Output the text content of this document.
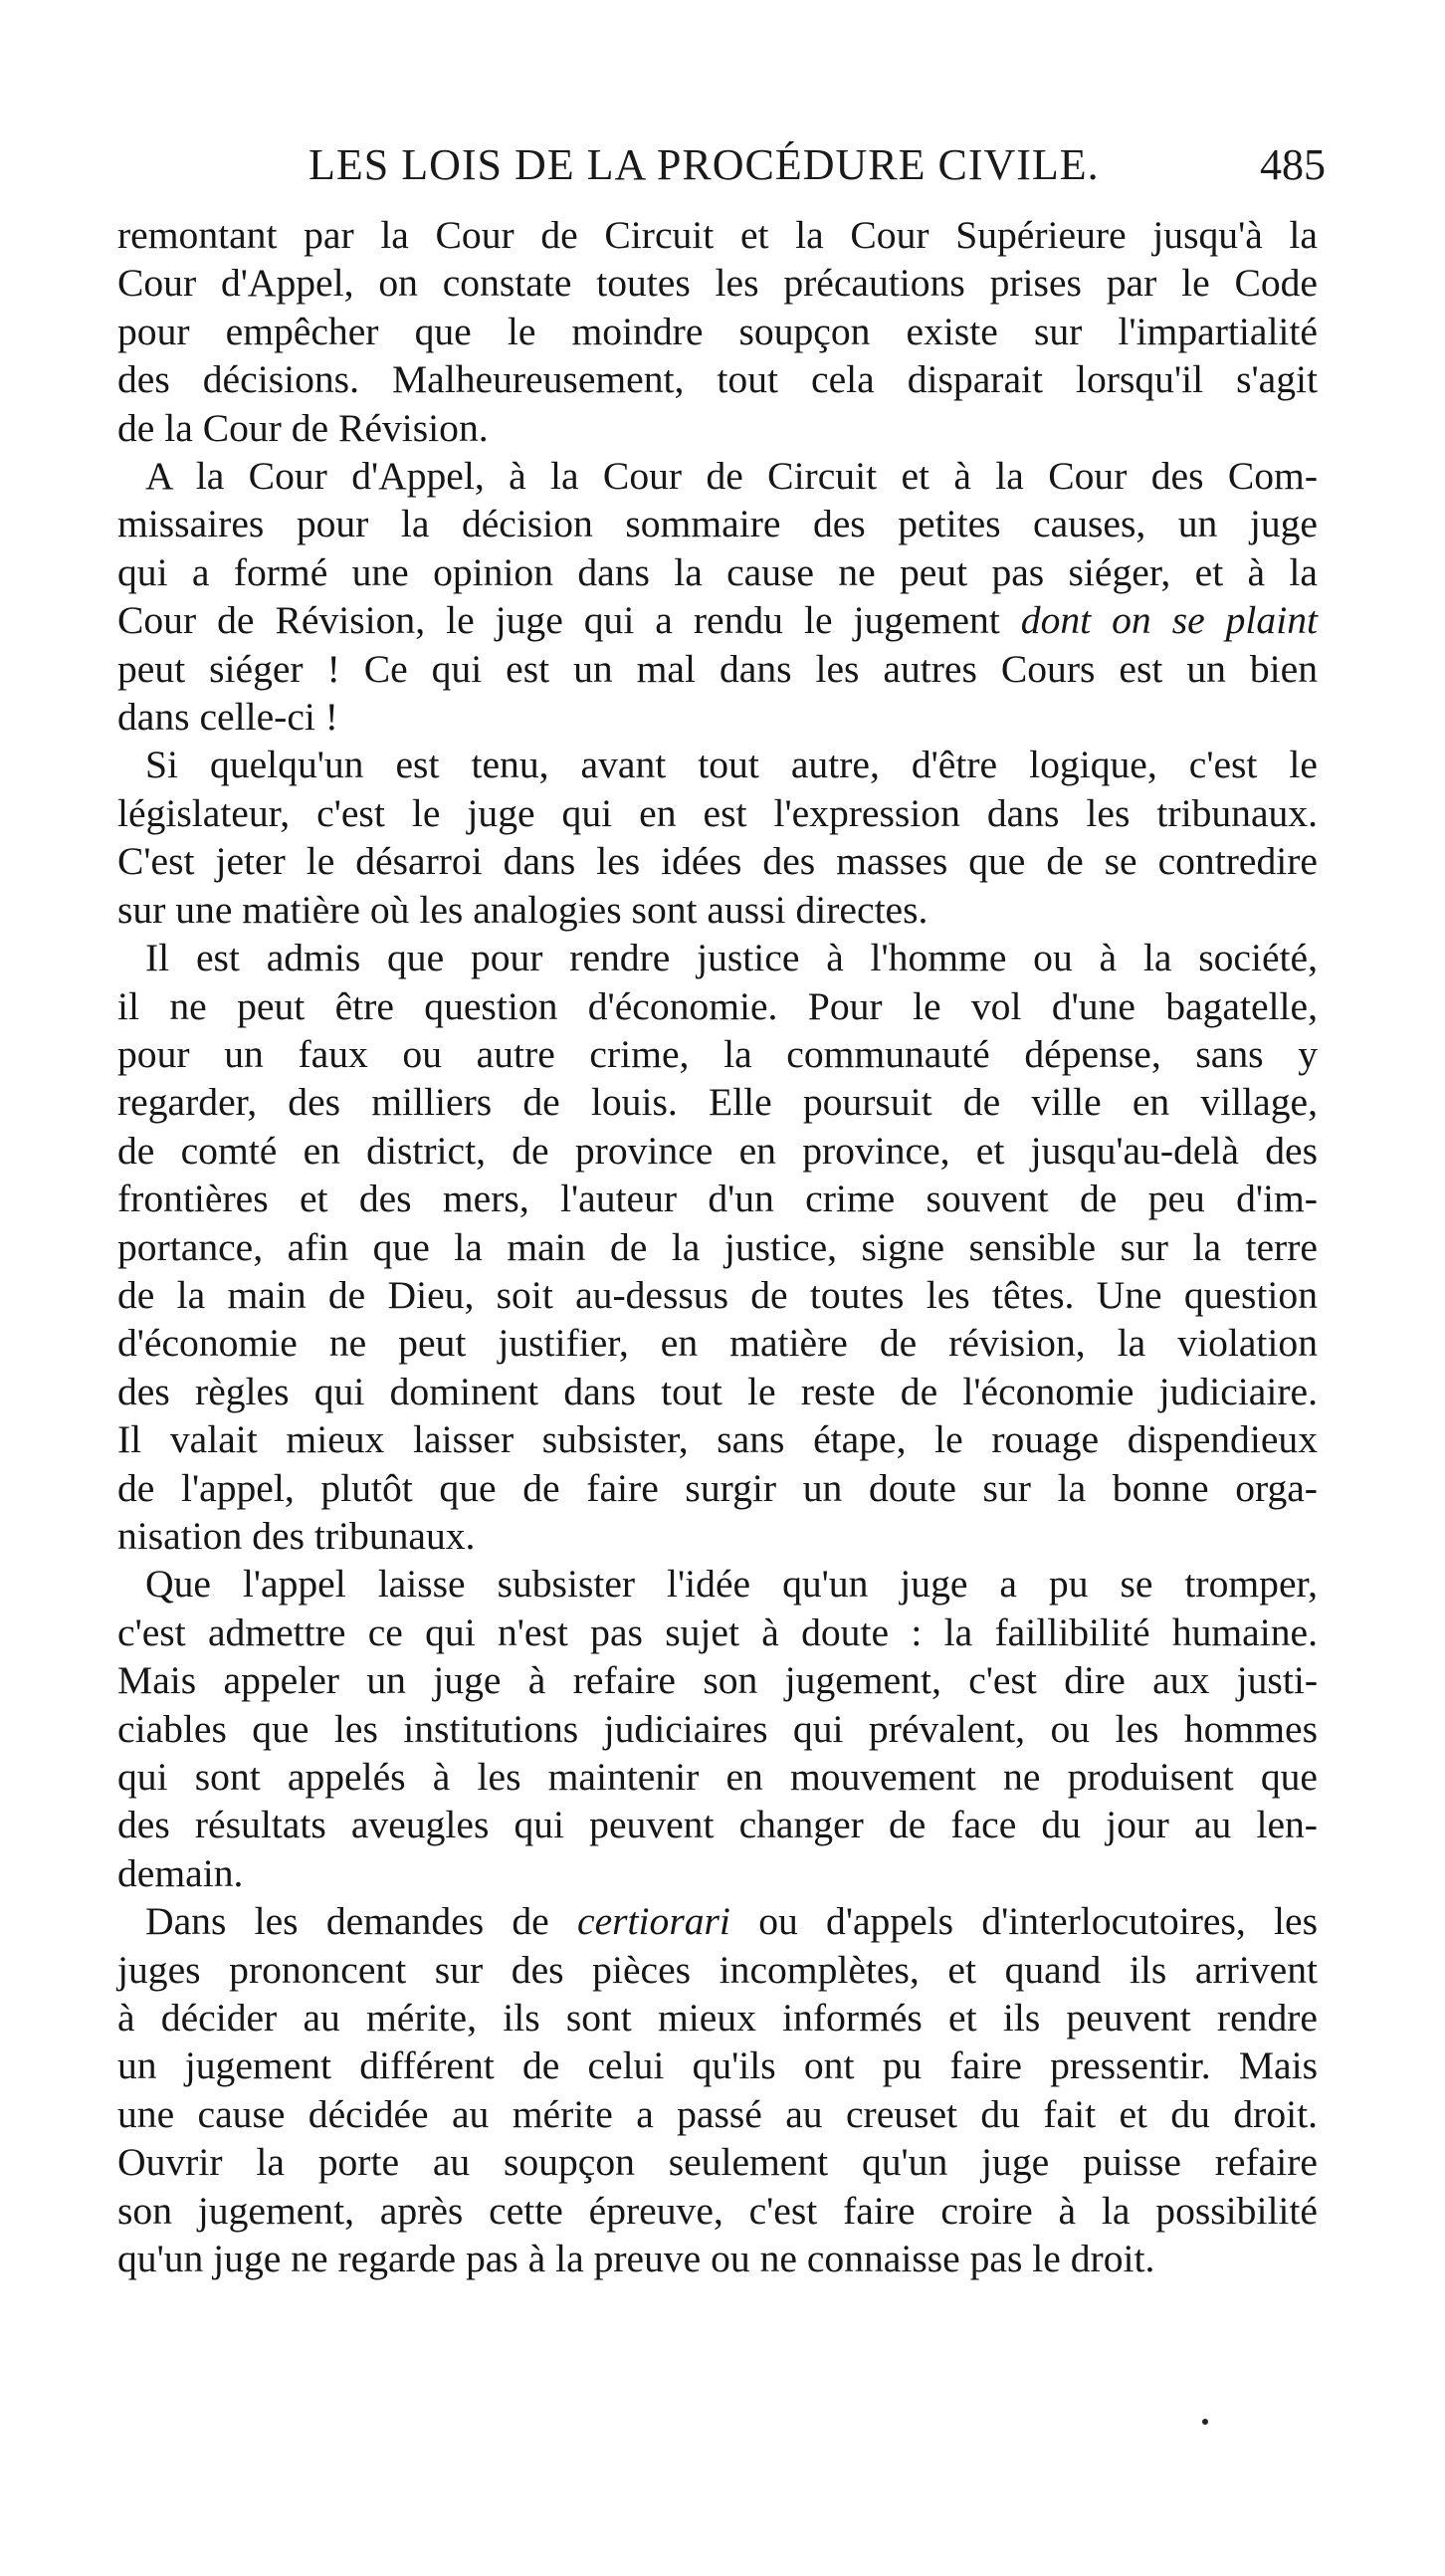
LES LOIS DE LA PROCÉDURE CIVILE.	485

remontant par la Cour de Circuit et la Cour Supérieure jusqu'à la
Cour d'Appel, on constate toutes les précautions prises par le Code
pour empêcher que le moindre soupçon existe sur l'impartialité
des décisions. Malheureusement, tout cela disparait lorsqu'il s'agit
de la Cour de Révision.

A la Cour d'Appel, à la Cour de Circuit et à la Cour des Com-
missaires pour la décision sommaire des petites causes, un juge
qui a formé une opinion dans la cause ne peut pas siéger, et à la
Cour de Révision, le juge qui a rendu le jugement dont on se plaint
peut siéger ! Ce qui est un mal dans les autres Cours est un bien
dans celle-ci !

Si quelqu'un est tenu, avant tout autre, d'être logique, c'est le
législateur, c'est le juge qui en est l'expression dans les tribunaux.
C'est jeter le désarroi dans les idées des masses que de se contredire
sur une matière où les analogies sont aussi directes.

Il est admis que pour rendre justice à l'homme ou à la société,
il ne peut être question d'économie. Pour le vol d'une bagatelle,
pour un faux ou autre crime, la communauté dépense, sans y
regarder, des milliers de louis. Elle poursuit de ville en village,
de comté en district, de province en province, et jusqu'au-delà des
frontières et des mers, l'auteur d'un crime souvent de peu d'im-
portance, afin que la main de la justice, signe sensible sur la terre
de la main de Dieu, soit au-dessus de toutes les têtes. Une question
d'économie ne peut justifier, en matière de révision, la violation
des règles qui dominent dans tout le reste de l'économie judiciaire.
Il valait mieux laisser subsister, sans étape, le rouage dispendieux
de l'appel, plutôt que de faire surgir un doute sur la bonne orga-
nisation des tribunaux.

Que l'appel laisse subsister l'idée qu'un juge a pu se tromper,
c'est admettre ce qui n'est pas sujet à doute : la faillibilité humaine.
Mais appeler un juge à refaire son jugement, c'est dire aux justi-
ciables que les institutions judiciaires qui prévalent, ou les hommes
qui sont appelés à les maintenir en mouvement ne produisent que
des résultats aveugles qui peuvent changer de face du jour au len-
demain.

Dans les demandes de certiorari ou d'appels d'interlocutoires, les
juges prononcent sur des pièces incomplètes, et quand ils arrivent
à décider au mérite, ils sont mieux informés et ils peuvent rendre
un jugement différent de celui qu'ils ont pu faire pressentir. Mais
une cause décidée au mérite a passé au creuset du fait et du droit.
Ouvrir la porte au soupçon seulement qu'un juge puisse refaire
son jugement, après cette épreuve, c'est faire croire à la possibilité
qu'un juge ne regarde pas à la preuve ou ne connaisse pas le droit.
